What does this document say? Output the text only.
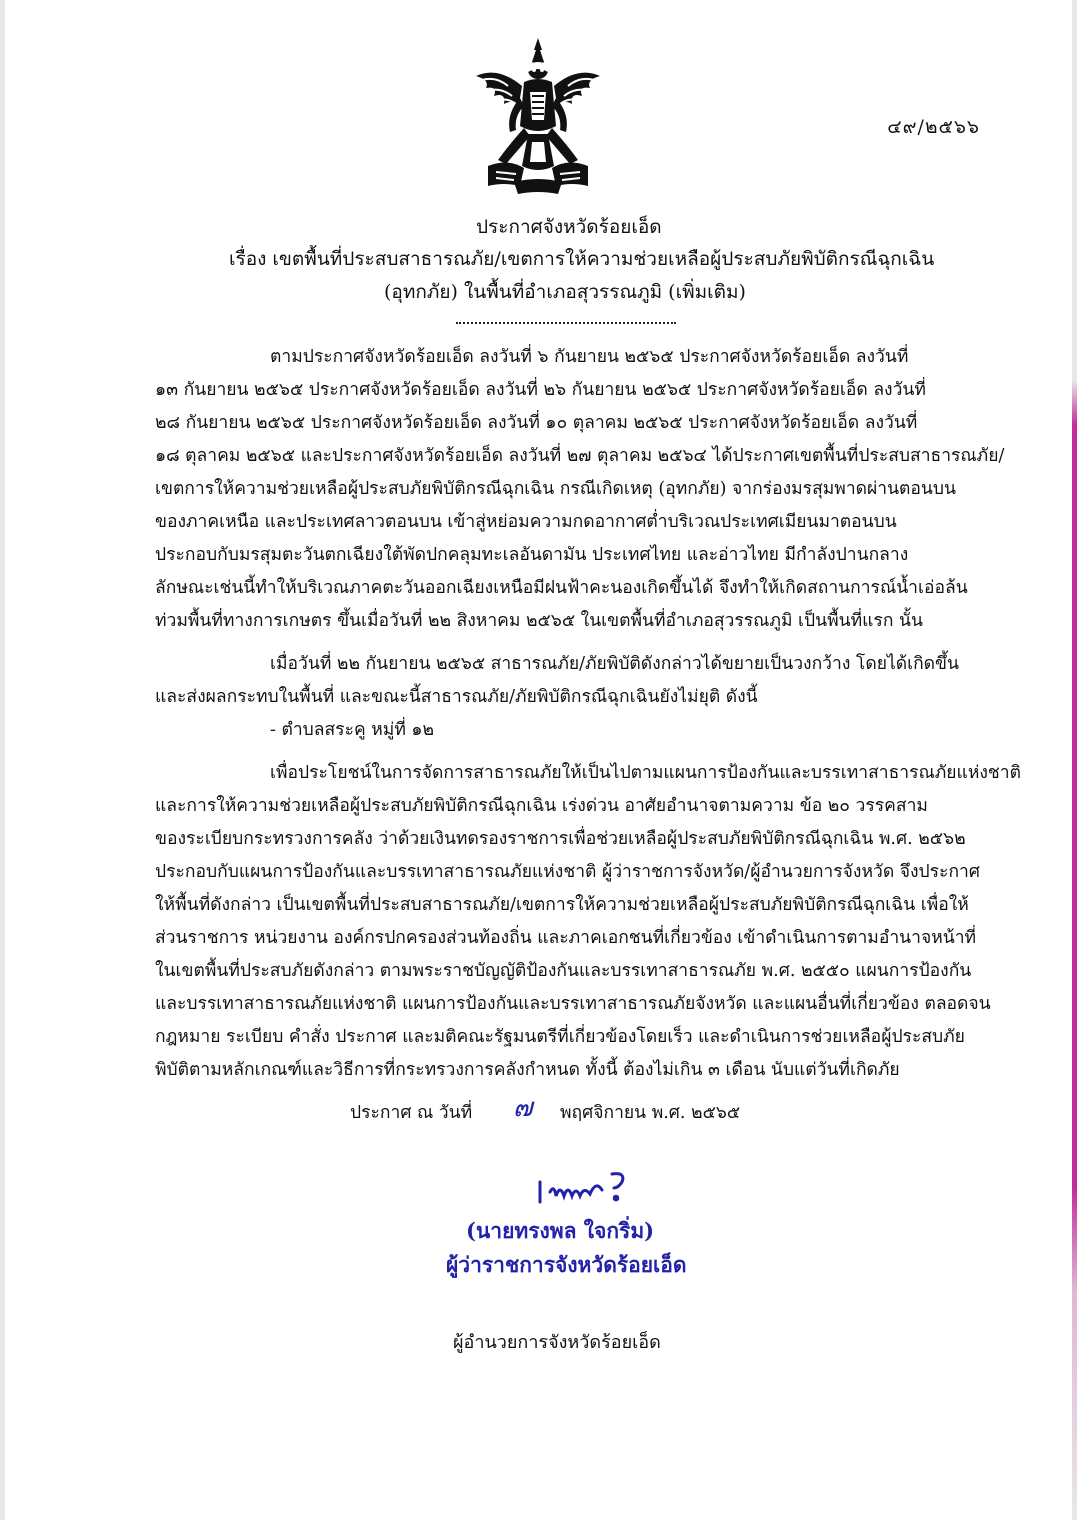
๔๙/๒๕๖๖
ประกาศจังหวัดร้อยเอ็ด
เรื่อง เขตพื้นที่ประสบสาธารณภัย/เขตการให้ความช่วยเหลือผู้ประสบภัยพิบัติกรณีฉุกเฉิน
(อุทกภัย) ในพื้นที่อำเภอสุวรรณภูมิ (เพิ่มเติม)
ตามประกาศจังหวัดร้อยเอ็ด ลงวันที่ ๖ กันยายน ๒๕๖๕ ประกาศจังหวัดร้อยเอ็ด ลงวันที่
๑๓ กันยายน ๒๕๖๕ ประกาศจังหวัดร้อยเอ็ด ลงวันที่ ๒๖ กันยายน ๒๕๖๕ ประกาศจังหวัดร้อยเอ็ด ลงวันที่
๒๘ กันยายน ๒๕๖๕ ประกาศจังหวัดร้อยเอ็ด ลงวันที่ ๑๐ ตุลาคม ๒๕๖๕ ประกาศจังหวัดร้อยเอ็ด ลงวันที่
๑๘ ตุลาคม ๒๕๖๕ และประกาศจังหวัดร้อยเอ็ด ลงวันที่ ๒๗ ตุลาคม ๒๕๖๔ ได้ประกาศเขตพื้นที่ประสบสาธารณภัย/
เขตการให้ความช่วยเหลือผู้ประสบภัยพิบัติกรณีฉุกเฉิน กรณีเกิดเหตุ (อุทกภัย) จากร่องมรสุมพาดผ่านตอนบน
ของภาคเหนือ และประเทศลาวตอนบน เข้าสู่หย่อมความกดอากาศต่ำบริเวณประเทศเมียนมาตอนบน
ประกอบกับมรสุมตะวันตกเฉียงใต้พัดปกคลุมทะเลอันดามัน ประเทศไทย และอ่าวไทย มีกำลังปานกลาง
ลักษณะเช่นนี้ทำให้บริเวณภาคตะวันออกเฉียงเหนือมีฝนฟ้าคะนองเกิดขึ้นได้ จึงทำให้เกิดสถานการณ์น้ำเอ่อล้น
ท่วมพื้นที่ทางการเกษตร ขึ้นเมื่อวันที่ ๒๒ สิงหาคม ๒๕๖๕ ในเขตพื้นที่อำเภอสุวรรณภูมิ เป็นพื้นที่แรก นั้น
เมื่อวันที่ ๒๒ กันยายน ๒๕๖๕ สาธารณภัย/ภัยพิบัติดังกล่าวได้ขยายเป็นวงกว้าง โดยได้เกิดขึ้น
และส่งผลกระทบในพื้นที่ และขณะนี้สาธารณภัย/ภัยพิบัติกรณีฉุกเฉินยังไม่ยุติ ดังนี้
- ตำบลสระคู หมู่ที่ ๑๒
เพื่อประโยชน์ในการจัดการสาธารณภัยให้เป็นไปตามแผนการป้องกันและบรรเทาสาธารณภัยแห่งชาติ
และการให้ความช่วยเหลือผู้ประสบภัยพิบัติกรณีฉุกเฉิน เร่งด่วน อาศัยอำนาจตามความ ข้อ ๒๐ วรรคสาม
ของระเบียบกระทรวงการคลัง ว่าด้วยเงินทดรองราชการเพื่อช่วยเหลือผู้ประสบภัยพิบัติกรณีฉุกเฉิน พ.ศ. ๒๕๖๒
ประกอบกับแผนการป้องกันและบรรเทาสาธารณภัยแห่งชาติ ผู้ว่าราชการจังหวัด/ผู้อำนวยการจังหวัด จึงประกาศ
ให้พื้นที่ดังกล่าว เป็นเขตพื้นที่ประสบสาธารณภัย/เขตการให้ความช่วยเหลือผู้ประสบภัยพิบัติกรณีฉุกเฉิน เพื่อให้
ส่วนราชการ หน่วยงาน องค์กรปกครองส่วนท้องถิ่น และภาคเอกชนที่เกี่ยวข้อง เข้าดำเนินการตามอำนาจหน้าที่
ในเขตพื้นที่ประสบภัยดังกล่าว ตามพระราชบัญญัติป้องกันและบรรเทาสาธารณภัย พ.ศ. ๒๕๕๐ แผนการป้องกัน
และบรรเทาสาธารณภัยแห่งชาติ แผนการป้องกันและบรรเทาสาธารณภัยจังหวัด และแผนอื่นที่เกี่ยวข้อง ตลอดจน
กฎหมาย ระเบียบ คำสั่ง ประกาศ และมติคณะรัฐมนตรีที่เกี่ยวข้องโดยเร็ว และดำเนินการช่วยเหลือผู้ประสบภัย
พิบัติตามหลักเกณฑ์และวิธีการที่กระทรวงการคลังกำหนด ทั้งนี้ ต้องไม่เกิน ๓ เดือน นับแต่วันที่เกิดภัย
ประกาศ ณ วันที่ ๗ พฤศจิกายน พ.ศ. ๒๕๖๕
(นายทรงพล ใจกริ่ม)
ผู้ว่าราชการจังหวัดร้อยเอ็ด
ผู้อำนวยการจังหวัดร้อยเอ็ด
